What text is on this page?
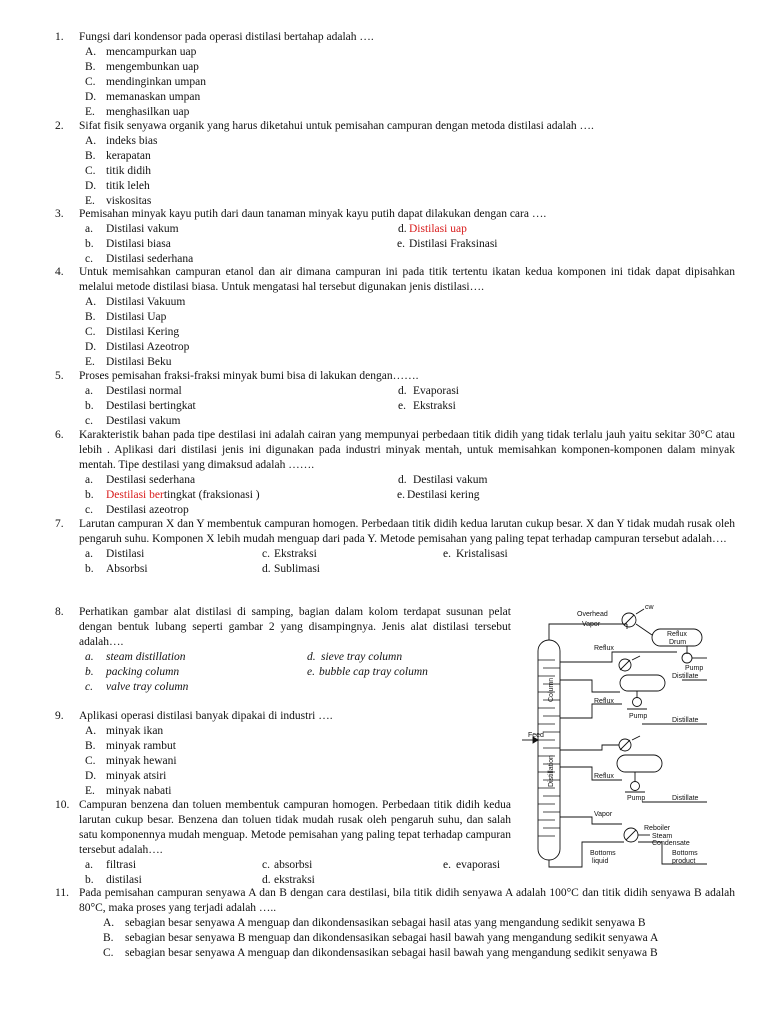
1.	Fungsi dari kondensor pada operasi distilasi bertahap adalah ….
A. mencampurkan uap
B. mengembunkan uap
C. mendinginkan umpan
D. memanaskan umpan
E. menghasilkan uap
2.	Sifat fisik senyawa organik yang harus diketahui untuk pemisahan campuran dengan metoda distilasi adalah ….
A. indeks bias
B. kerapatan
C. titik didih
D. titik leleh
E. viskositas
3.	Pemisahan minyak kayu putih dari daun tanaman minyak kayu putih dapat dilakukan dengan cara ….
a. Distilasi vakum	d. Distilasi uap
b. Distilasi biasa	e. Distilasi Fraksinasi
c. Distilasi sederhana
4.	Untuk memisahkan campuran etanol dan air dimana campuran ini pada titik tertentu ikatan kedua komponen ini tidak dapat dipisahkan melalui metode distilasi biasa. Untuk mengatasi hal tersebut digunakan jenis distilasi….
A. Distilasi Vakuum
B. Distilasi Uap
C. Distilasi Kering
D. Distilasi Azeotrop
E. Distilasi Beku
5.	Proses pemisahan fraksi-fraksi minyak bumi bisa di lakukan dengan…….
a. Destilasi normal	d. Evaporasi
b. Destilasi bertingkat	e. Ekstraksi
c. Destilasi vakum
6.	Karakteristik bahan pada tipe destilasi ini adalah cairan yang mempunyai perbedaan titik didih yang tidak terlalu jauh yaitu sekitar 30°C atau lebih . Aplikasi dari distilasi jenis ini digunakan pada industri minyak mentah, untuk memisahkan komponen-komponen dalam minyak mentah. Tipe destilasi yang dimaksud adalah …….
a. Destilasi sederhana	d. Destilasi vakum
b. Destilasi bertingkat (fraksionasi )	e. Destilasi kering
c. Destilasi azeotrop
7.	Larutan campuran X dan Y membentuk campuran homogen. Perbedaan titik didih kedua larutan cukup besar. X dan Y tidak mudah rusak oleh pengaruh suhu. Komponen X lebih mudah menguap dari pada Y. Metode pemisahan yang paling tepat terhadap campuran tersebut adalah….
a. Distilasi	c. Ekstraksi	e. Kristalisasi
b. Absorbsi	d. Sublimasi
8.	Perhatikan gambar alat distilasi di samping, bagian dalam kolom terdapat susunan pelat dengan bentuk lubang seperti gambar 2 yang disampingnya. Jenis alat distilasi tersebut adalah….
a. steam distillation	d. sieve tray column
b. packing column	e. bubble cap tray column
c. valve tray column
9.	Aplikasi operasi distilasi banyak dipakai di industri ….
A. minyak ikan
B. minyak rambut
C. minyak hewani
D. minyak atsiri
E. minyak nabati
10. Campuran benzena dan toluen membentuk campuran homogen. Perbedaan titik didih kedua larutan cukup besar. Benzena dan toluen tidak mudah rusak oleh pengaruh suhu, dan salah satu komponennya mudah menguap. Metode pemisahan yang paling tepat terhadap campuran tersebut adalah….
a. filtrasi	c. absorbsi	e. evaporasi
b. distilasi	d. ekstraksi
11. Pada pemisahan campuran senyawa A dan B dengan cara destilasi, bila titik didih senyawa A adalah 100°C dan titik didih senyawa B adalah 80°C, maka proses yang terjadi adalah …..
A. sebagian besar senyawa A menguap dan dikondensasikan sebagai hasil atas yang mengandung sedikit senyawa B
B. sebagian besar senyawa B menguap dan dikondensasikan sebagai hasil bawah yang mengandung sedikit senyawa A
C. sebagian besar senyawa A menguap dan dikondensasikan sebagai hasil bawah yang mengandung sedikit senyawa B
Overhead
Vapor
cw
Reflux
Drum
Reflux
Pump
Distillate
Reflux
Pump
Distillate
Feed
Reflux
Pump	Distillate
Vapor
Reboiler
Steam
Condensate
Bottoms
liquid
Bottoms
product
Column
Distillation
